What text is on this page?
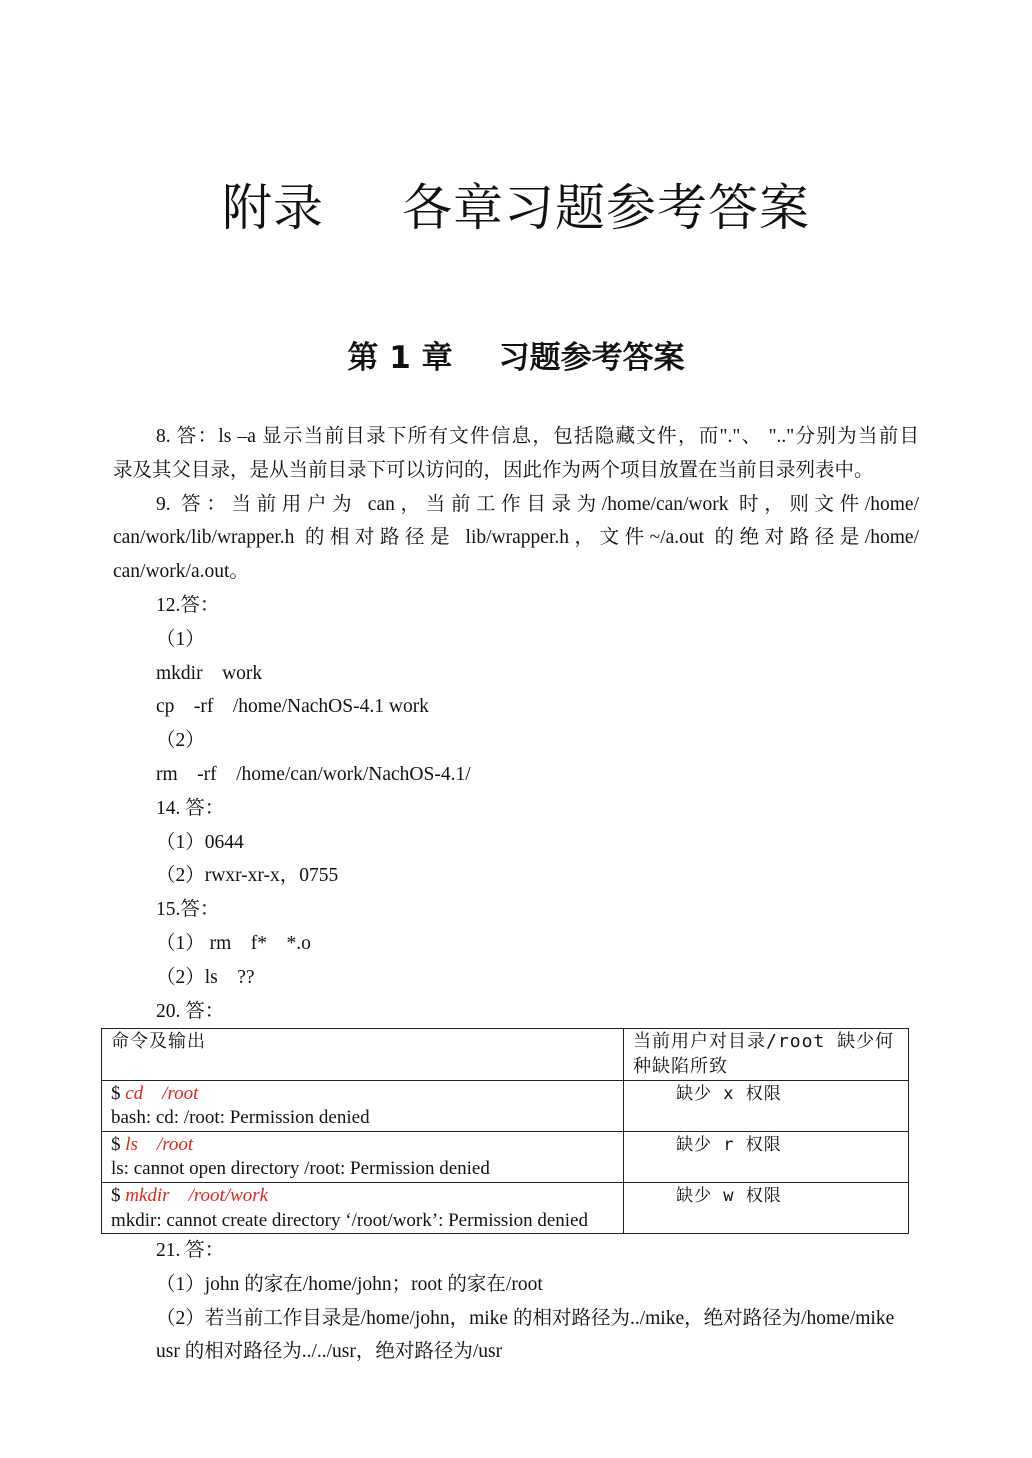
附录 各章习题参考答案
第 1 章 习题参考答案

8. 答：ls –a 显示当前目录下所有文件信息，包括隐藏文件，而"."、 ".."分别为当前目

录及其父目录，是从当前目录下可以访问的，因此作为两个项目放置在当前目录列表中。

9. 答：当前用户为 can，当前工作目录为/home/can/work 时，则文件/home/

can/work/lib/wrapper.h 的相对路径是 lib/wrapper.h，文件~/a.out 的绝对路径是/home/

can/work/a.out。

12.答：

（1）

mkdir　work

cp　-rf　/home/NachOS-4.1 work

（2）

rm　-rf　/home/can/work/NachOS-4.1/

14. 答：

（1）0644

（2）rwxr-xr-x，0755

15.答：

（1） rm　f*　*.o

（2）ls　??

20. 答：

命令及输出	当前用户对目录/root 缺少何种缺陷所致

$ cd　/root
bash: cd: /root: Permission denied	缺少 x 权限

$ ls　/root
ls: cannot open directory /root: Permission denied	缺少 r 权限

$ mkdir　/root/work
mkdir: cannot create directory ‘/root/work’: Permission denied	缺少 w 权限

21. 答：

（1）john 的家在/home/john；root 的家在/root

（2）若当前工作目录是/home/john，mike 的相对路径为../mike，绝对路径为/home/mike

usr 的相对路径为../../usr，绝对路径为/usr
